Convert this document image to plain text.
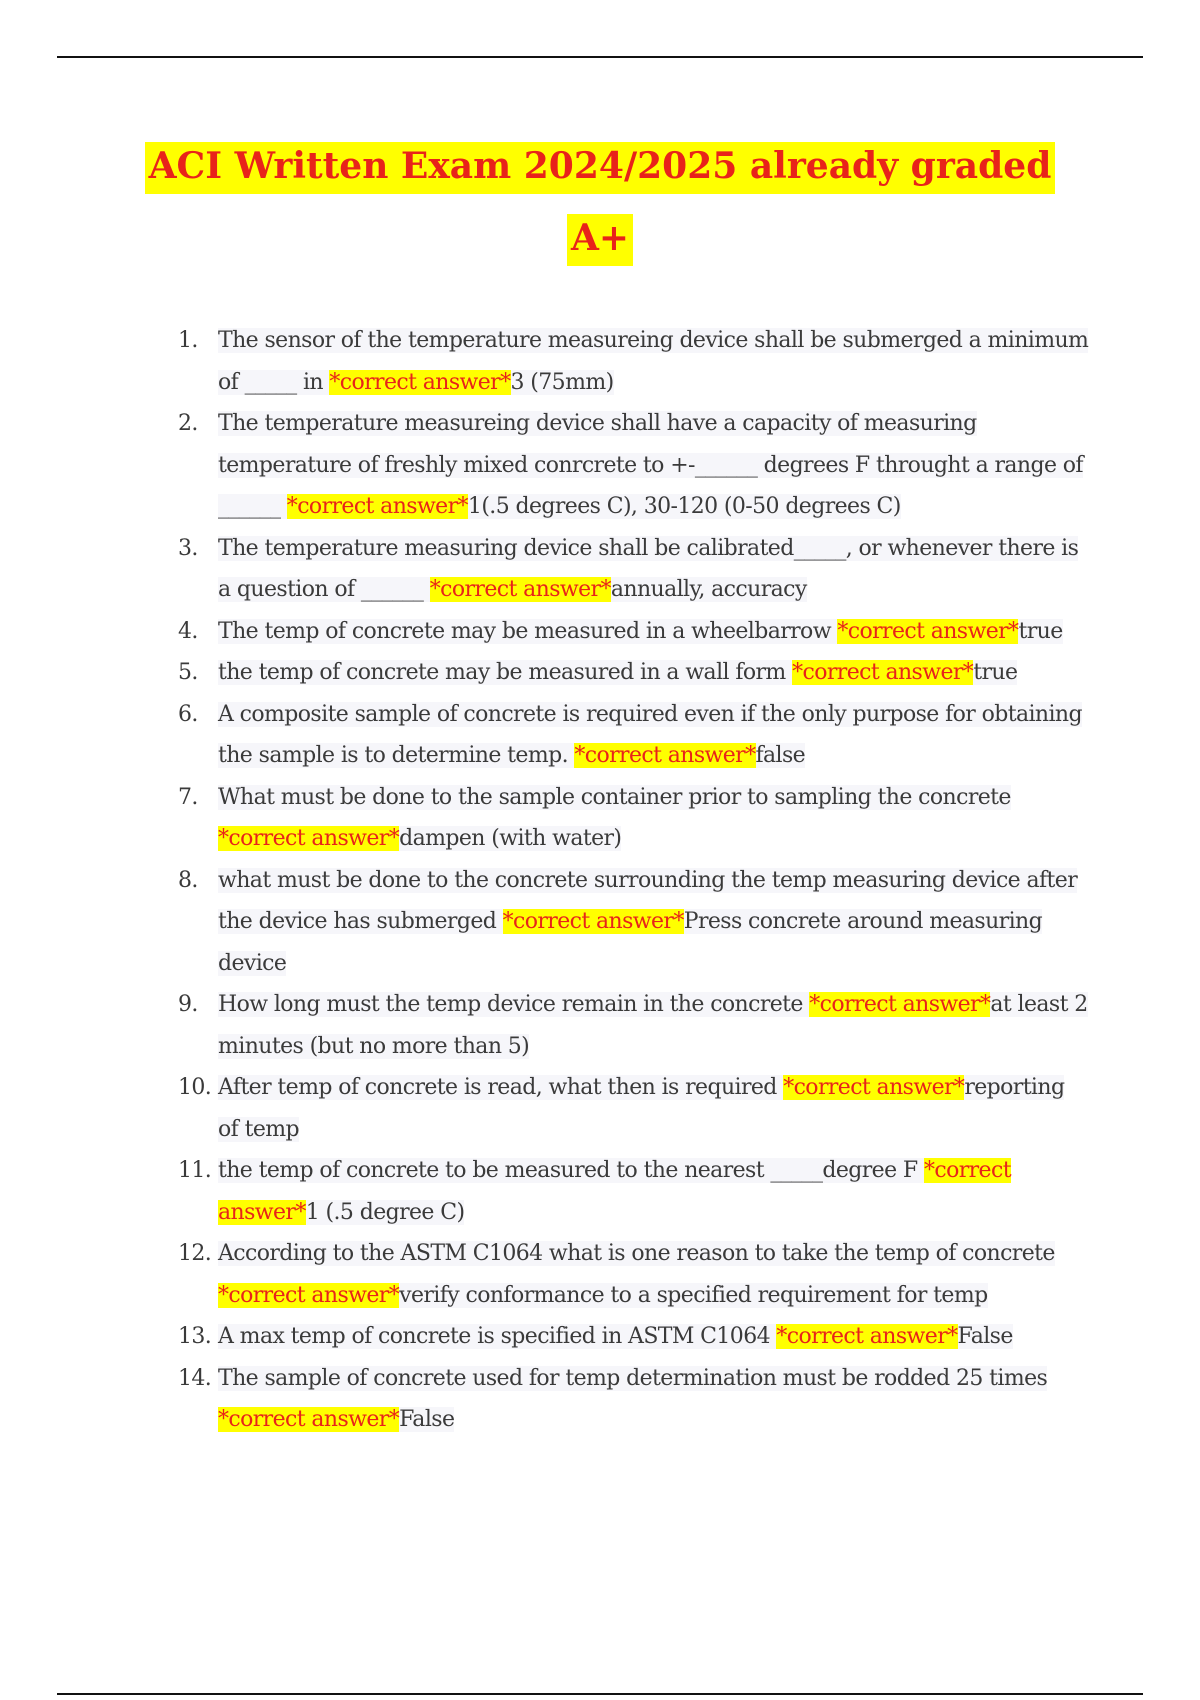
ACI Written Exam 2024/2025 already graded
A+
1. The sensor of the temperature measureing device shall be submerged a minimum of _____ in *correct answer*3 (75mm)
2. The temperature measureing device shall have a capacity of measuring temperature of freshly mixed conrcrete to +-______ degrees F throught a range of ______ *correct answer*1(.5 degrees C), 30-120 (0-50 degrees C)
3. The temperature measuring device shall be calibrated_____, or whenever there is a question of ______ *correct answer*annually, accuracy
4. The temp of concrete may be measured in a wheelbarrow *correct answer*true
5. the temp of concrete may be measured in a wall form *correct answer*true
6. A composite sample of concrete is required even if the only purpose for obtaining the sample is to determine temp. *correct answer*false
7. What must be done to the sample container prior to sampling the concrete *correct answer*dampen (with water)
8. what must be done to the concrete surrounding the temp measuring device after the device has submerged *correct answer*Press concrete around measuring device
9. How long must the temp device remain in the concrete *correct answer*at least 2 minutes (but no more than 5)
10. After temp of concrete is read, what then is required *correct answer*reporting of temp
11. the temp of concrete to be measured to the nearest _____degree F *correct answer*1 (.5 degree C)
12. According to the ASTM C1064 what is one reason to take the temp of concrete *correct answer*verify conformance to a specified requirement for temp
13. A max temp of concrete is specified in ASTM C1064 *correct answer*False
14. The sample of concrete used for temp determination must be rodded 25 times *correct answer*False
